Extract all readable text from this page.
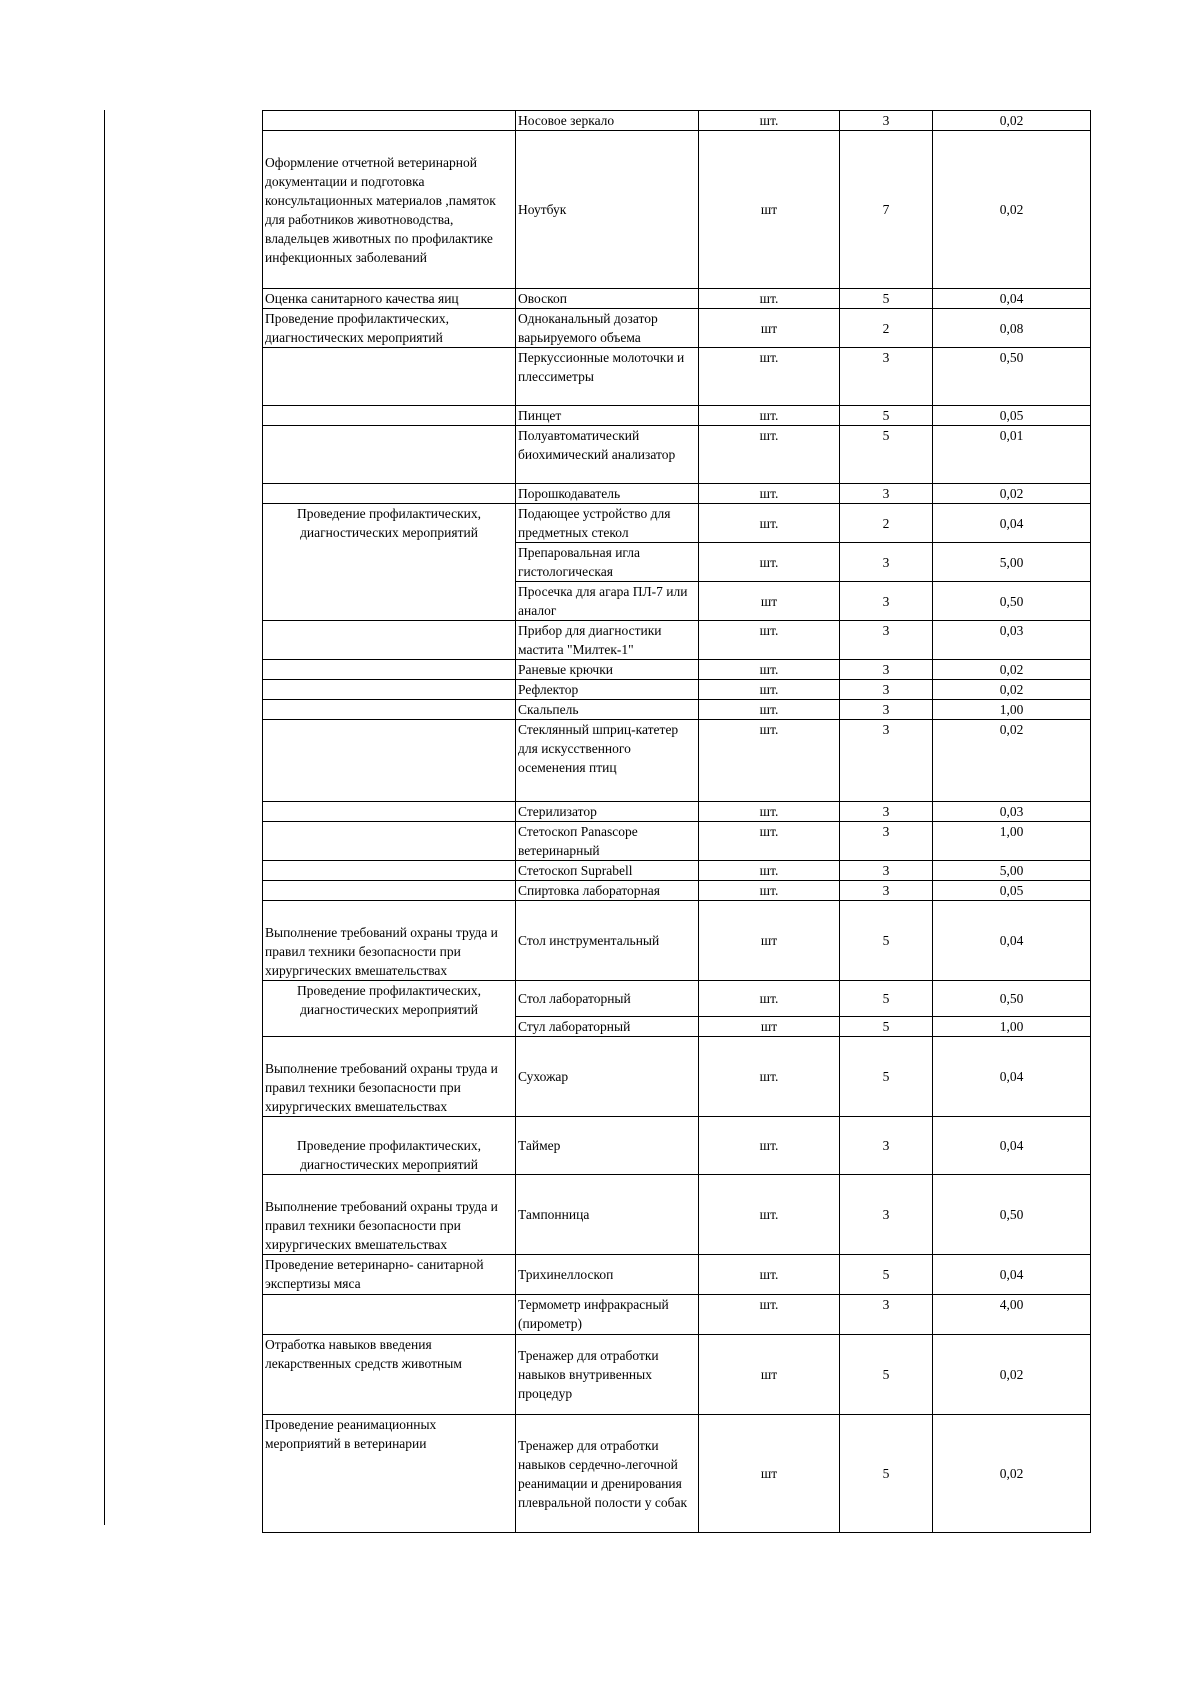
	Носовое зеркало	шт.	3	0,02
Оформление отчетной ветеринарной документации и подготовка консультационных материалов ,памяток для работников животноводства, владельцев животных по профилактике инфекционных заболеваний	Ноутбук	шт	7	0,02
Оценка санитарного качества яиц	Овоскоп	шт.	5	0,04
Проведение профилактических, диагностических мероприятий	Одноканальный дозатор варьируемого объема	шт	2	0,08
	Перкуссионные молоточки и плессиметры	шт.	3	0,50
	Пинцет	шт.	5	0,05
	Полуавтоматический биохимический анализатор	шт.	5	0,01
	Порошкодаватель	шт.	3	0,02
Проведение профилактических, диагностических мероприятий	Подающее устройство для предметных стекол	шт.	2	0,04
	Препаровальная игла гистологическая	шт.	3	5,00
	Просечка для агара ПЛ-7 или аналог	шт	3	0,50
	Прибор для диагностики мастита "Милтек-1"	шт.	3	0,03
	Раневые крючки	шт.	3	0,02
	Рефлектор	шт.	3	0,02
	Скальпель	шт.	3	1,00
	Стеклянный шприц-катетер для искусственного осеменения птиц	шт.	3	0,02
	Стерилизатор	шт.	3	0,03
	Стетоскоп Panascope ветеринарный	шт.	3	1,00
	Стетоскоп Suprabell	шт.	3	5,00
	Спиртовка лабораторная	шт.	3	0,05
Выполнение требований охраны труда и правил техники безопасности при хирургических вмешательствах	Стол инструментальный	шт	5	0,04
Проведение профилактических, диагностических мероприятий	Стол лабораторный	шт.	5	0,50
	Стул лабораторный	шт	5	1,00
Выполнение требований охраны труда и правил техники безопасности при хирургических вмешательствах	Сухожар	шт.	5	0,04
Проведение профилактических, диагностических мероприятий	Таймер	шт.	3	0,04
Выполнение требований охраны труда и правил техники безопасности при хирургических вмешательствах	Тампонница	шт.	3	0,50
Проведение ветеринарно- санитарной экспертизы мяса	Трихинеллоскоп	шт.	5	0,04
	Термометр инфракрасный (пирометр)	шт.	3	4,00
Отработка навыков введения лекарственных средств животным	Тренажер для отработки навыков внутривенных процедур	шт	5	0,02
Проведение реанимационных мероприятий в ветеринарии	Тренажер для отработки навыков сердечно-легочной реанимации и дренирования плевральной полости у собак	шт	5	0,02
